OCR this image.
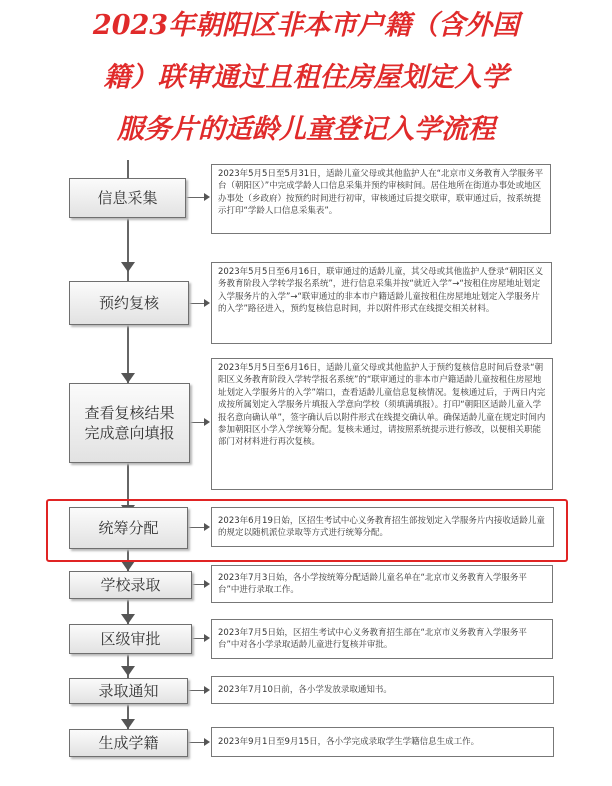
2023年朝阳区非本市户籍（含外国
籍）联审通过且租住房屋划定入学
服务片的适龄儿童登记入学流程
信息采集
2023年5月5日至5月31日，适龄儿童父母或其他监护人在“北京市义务教育入学服务平台（朝阳区）”中完成学龄人口信息采集并预约审核时间。居住地所在街道办事处或地区办事处（乡政府）按预约时间进行初审，审核通过后提交联审，联审通过后，按系统提示打印“学龄人口信息采集表”。
预约复核
2023年5月5日至6月16日，联审通过的适龄儿童，其父母或其他监护人登录“朝阳区义务教育阶段入学转学报名系统”，进行信息采集并按“就近入学”→“按租住房屋地址划定入学服务片的入学”→“联审通过的非本市户籍适龄儿童按租住房屋地址划定入学服务片的入学”路径进入，预约复核信息时间，并以附件形式在线提交相关材料。
查看复核结果
完成意向填报
2023年5月5日至6月16日，适龄儿童父母或其他监护人于预约复核信息时间后登录“朝阳区义务教育阶段入学转学报名系统”的“联审通过的非本市户籍适龄儿童按租住房屋地址划定入学服务片的入学”端口，查看适龄儿童信息复核情况。复核通过后，于两日内完成按所属划定入学服务片填报入学意向学校（须填满填报）。打印“朝阳区适龄儿童入学报名意向确认单”，签字确认后以附件形式在线提交确认单。确保适龄儿童在规定时间内参加朝阳区小学入学统筹分配。复核未通过，请按照系统提示进行修改，以便相关职能部门对材料进行再次复核。
统筹分配	2023年6月19日始，区招生考试中心义务教育招生部按划定入学服务片内接收适龄儿童的规定以随机派位录取等方式进行统筹分配。
学校录取	2023年7月3日始，各小学按统筹分配适龄儿童名单在“北京市义务教育入学服务平台”中进行录取工作。
区级审批	2023年7月5日始，区招生考试中心义务教育招生部在“北京市义务教育入学服务平台”中对各小学录取适龄儿童进行复核并审批。
录取通知	2023年7月10日前，各小学发放录取通知书。
生成学籍	2023年9月1日至9月15日，各小学完成录取学生学籍信息生成工作。
